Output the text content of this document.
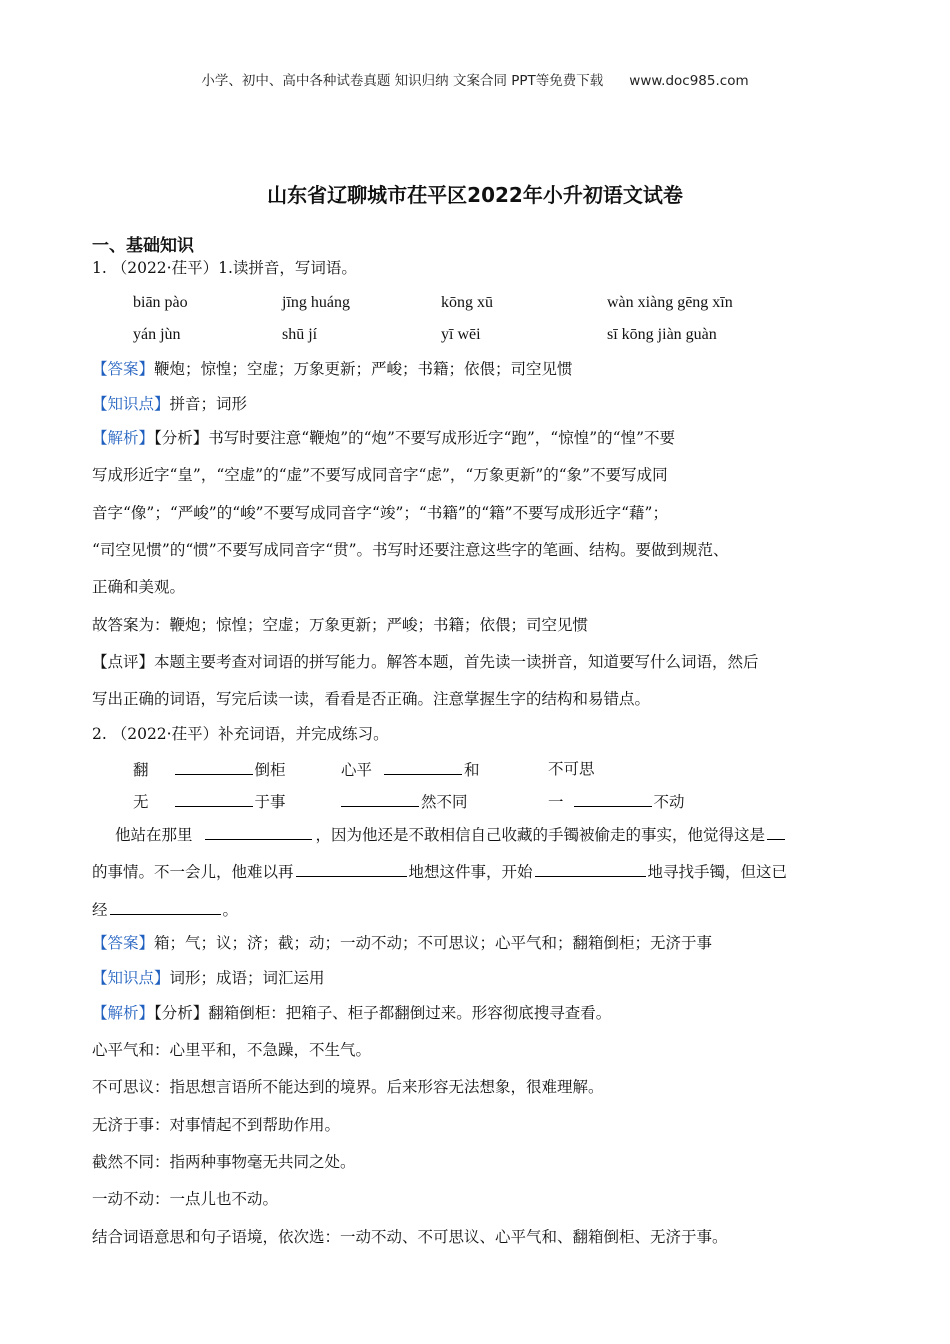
小学、初中、高中各种试卷真题 知识归纳 文案合同 PPT等免费下载 www.doc985.com
山东省辽聊城市茌平区2022年小升初语文试卷
一、基础知识
1. （2022·茌平）1.读拼音，写词语。
biān pào	jīng huáng	kōng xū	wàn xiàng gēng xīn
yán jùn	shū jí	yī wēi	sī kōng jiàn guàn
【答案】鞭炮；惊惶；空虚；万象更新；严峻；书籍；依偎；司空见惯
【知识点】拼音；词形
【解析】【分析】书写时要注意“鞭炮”的“炮”不要写成形近字“跑”，“惊惶”的“惶”不要
写成形近字“皇”，“空虚”的“虚”不要写成同音字“虑”，“万象更新”的“象”不要写成同
音字“像”；“严峻”的“峻”不要写成同音字“竣”；“书籍”的“籍”不要写成形近字“藉”；
“司空见惯”的“惯”不要写成同音字“贯”。书写时还要注意这些字的笔画、结构。要做到规范、
正确和美观。
故答案为：鞭炮；惊惶；空虚；万象更新；严峻；书籍；依偎；司空见惯
【点评】本题主要考查对词语的拼写能力。解答本题，首先读一读拼音，知道要写什么词语，然后
写出正确的词语，写完后读一读，看看是否正确。注意掌握生字的结构和易错点。
2. （2022·茌平）补充词语，并完成练习。
翻	倒柜	心平	和	不可思
无	于事	然不同	一	不动
他站在那里	，因为他还是不敢相信自己收藏的手镯被偷走的事实，他觉得这是
的事情。不一会儿，他难以再	地想这件事，开始	地寻找手镯，但这已
经	。
【答案】箱；气；议；济；截；动；一动不动；不可思议；心平气和；翻箱倒柜；无济于事
【知识点】词形；成语；词汇运用
【解析】【分析】翻箱倒柜：把箱子、柜子都翻倒过来。形容彻底搜寻查看。
心平气和：心里平和，不急躁，不生气。
不可思议：指思想言语所不能达到的境界。后来形容无法想象，很难理解。
无济于事：对事情起不到帮助作用。
截然不同：指两种事物毫无共同之处。
一动不动：一点儿也不动。
结合词语意思和句子语境，依次选：一动不动、不可思议、心平气和、翻箱倒柜、无济于事。
